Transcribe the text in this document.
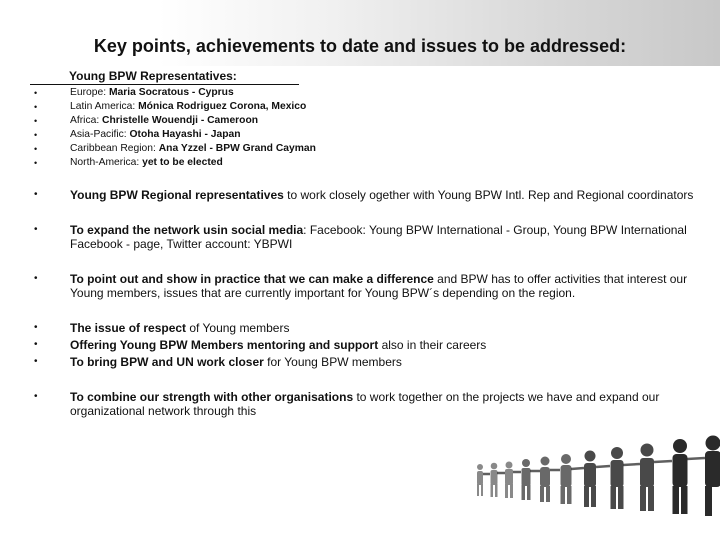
Key points, achievements to date and issues to be addressed:
Young BPW Representatives:
•	Europe: Maria Socratous - Cyprus
•	Latin America: Mónica Rodriguez Corona, Mexico
•	Africa: Christelle Wouendji - Cameroon
•	Asia-Pacific: Otoha Hayashi - Japan
•	Caribbean Region: Ana Yzzel - BPW Grand Cayman
•	North-America: yet to be elected
•	Young BPW Regional representatives to work closely ogether with Young BPW Intl. Rep and Regional coordinators
•	To expand the network usin social media: Facebook: Young BPW International - Group, Young BPW International Facebook - page, Twitter account: YBPWI
•	To point out and show in practice that we can make a difference and BPW has to offer activities that interest our Young members, issues that are currently important for Young BPW´s depending on the region.
•	The issue of respect of Young members
•	Offering Young BPW Members mentoring and support also in their careers
•	To bring BPW and UN work closer for Young BPW members
•	To combine our strength with other organisations to work together on the projects we have and expand our organizational network through this
